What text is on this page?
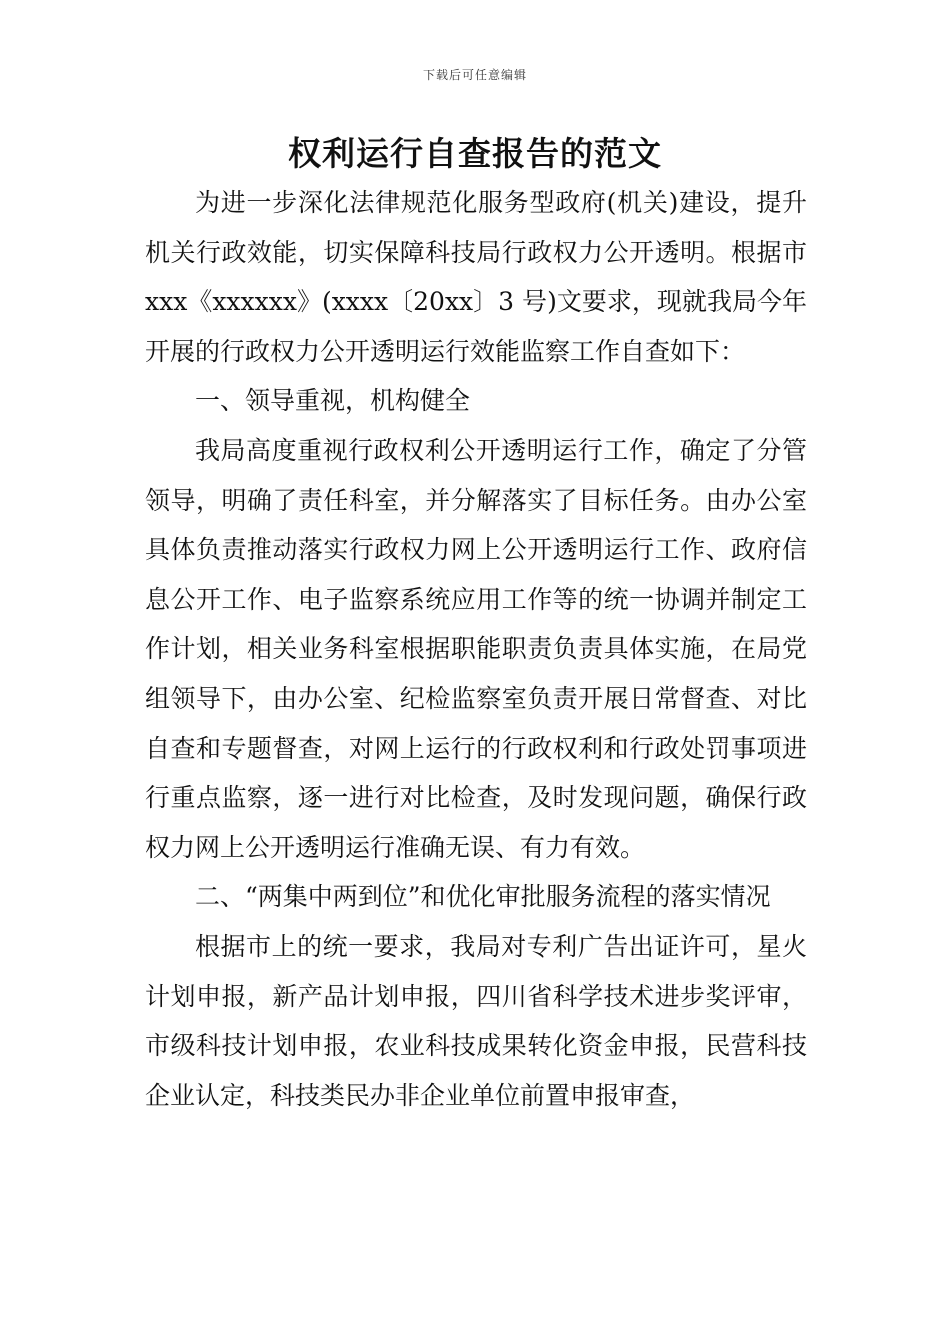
下载后可任意编辑
权利运行自查报告的范文

为进一步深化法律规范化服务型政府(机关)建设，提升机关行政效能，切实保障科技局行政权力公开透明。根据市 xxx《xxxxxx》(xxxx〔20xx〕3 号)文要求，现就我局今年开展的行政权力公开透明运行效能监察工作自查如下：

一、领导重视，机构健全

我局高度重视行政权利公开透明运行工作，确定了分管领导，明确了责任科室，并分解落实了目标任务。由办公室具体负责推动落实行政权力网上公开透明运行工作、政府信息公开工作、电子监察系统应用工作等的统一协调并制定工作计划，相关业务科室根据职能职责负责具体实施，在局党组领导下，由办公室、纪检监察室负责开展日常督查、对比自查和专题督查，对网上运行的行政权利和行政处罚事项进行重点监察，逐一进行对比检查，及时发现问题，确保行政权力网上公开透明运行准确无误、有力有效。

二、“两集中两到位”和优化审批服务流程的落实情况

根据市上的统一要求，我局对专利广告出证许可，星火计划申报，新产品计划申报，四川省科学技术进步奖评审，市级科技计划申报，农业科技成果转化资金申报，民营科技企业认定，科技类民办非企业单位前置申报审查，
